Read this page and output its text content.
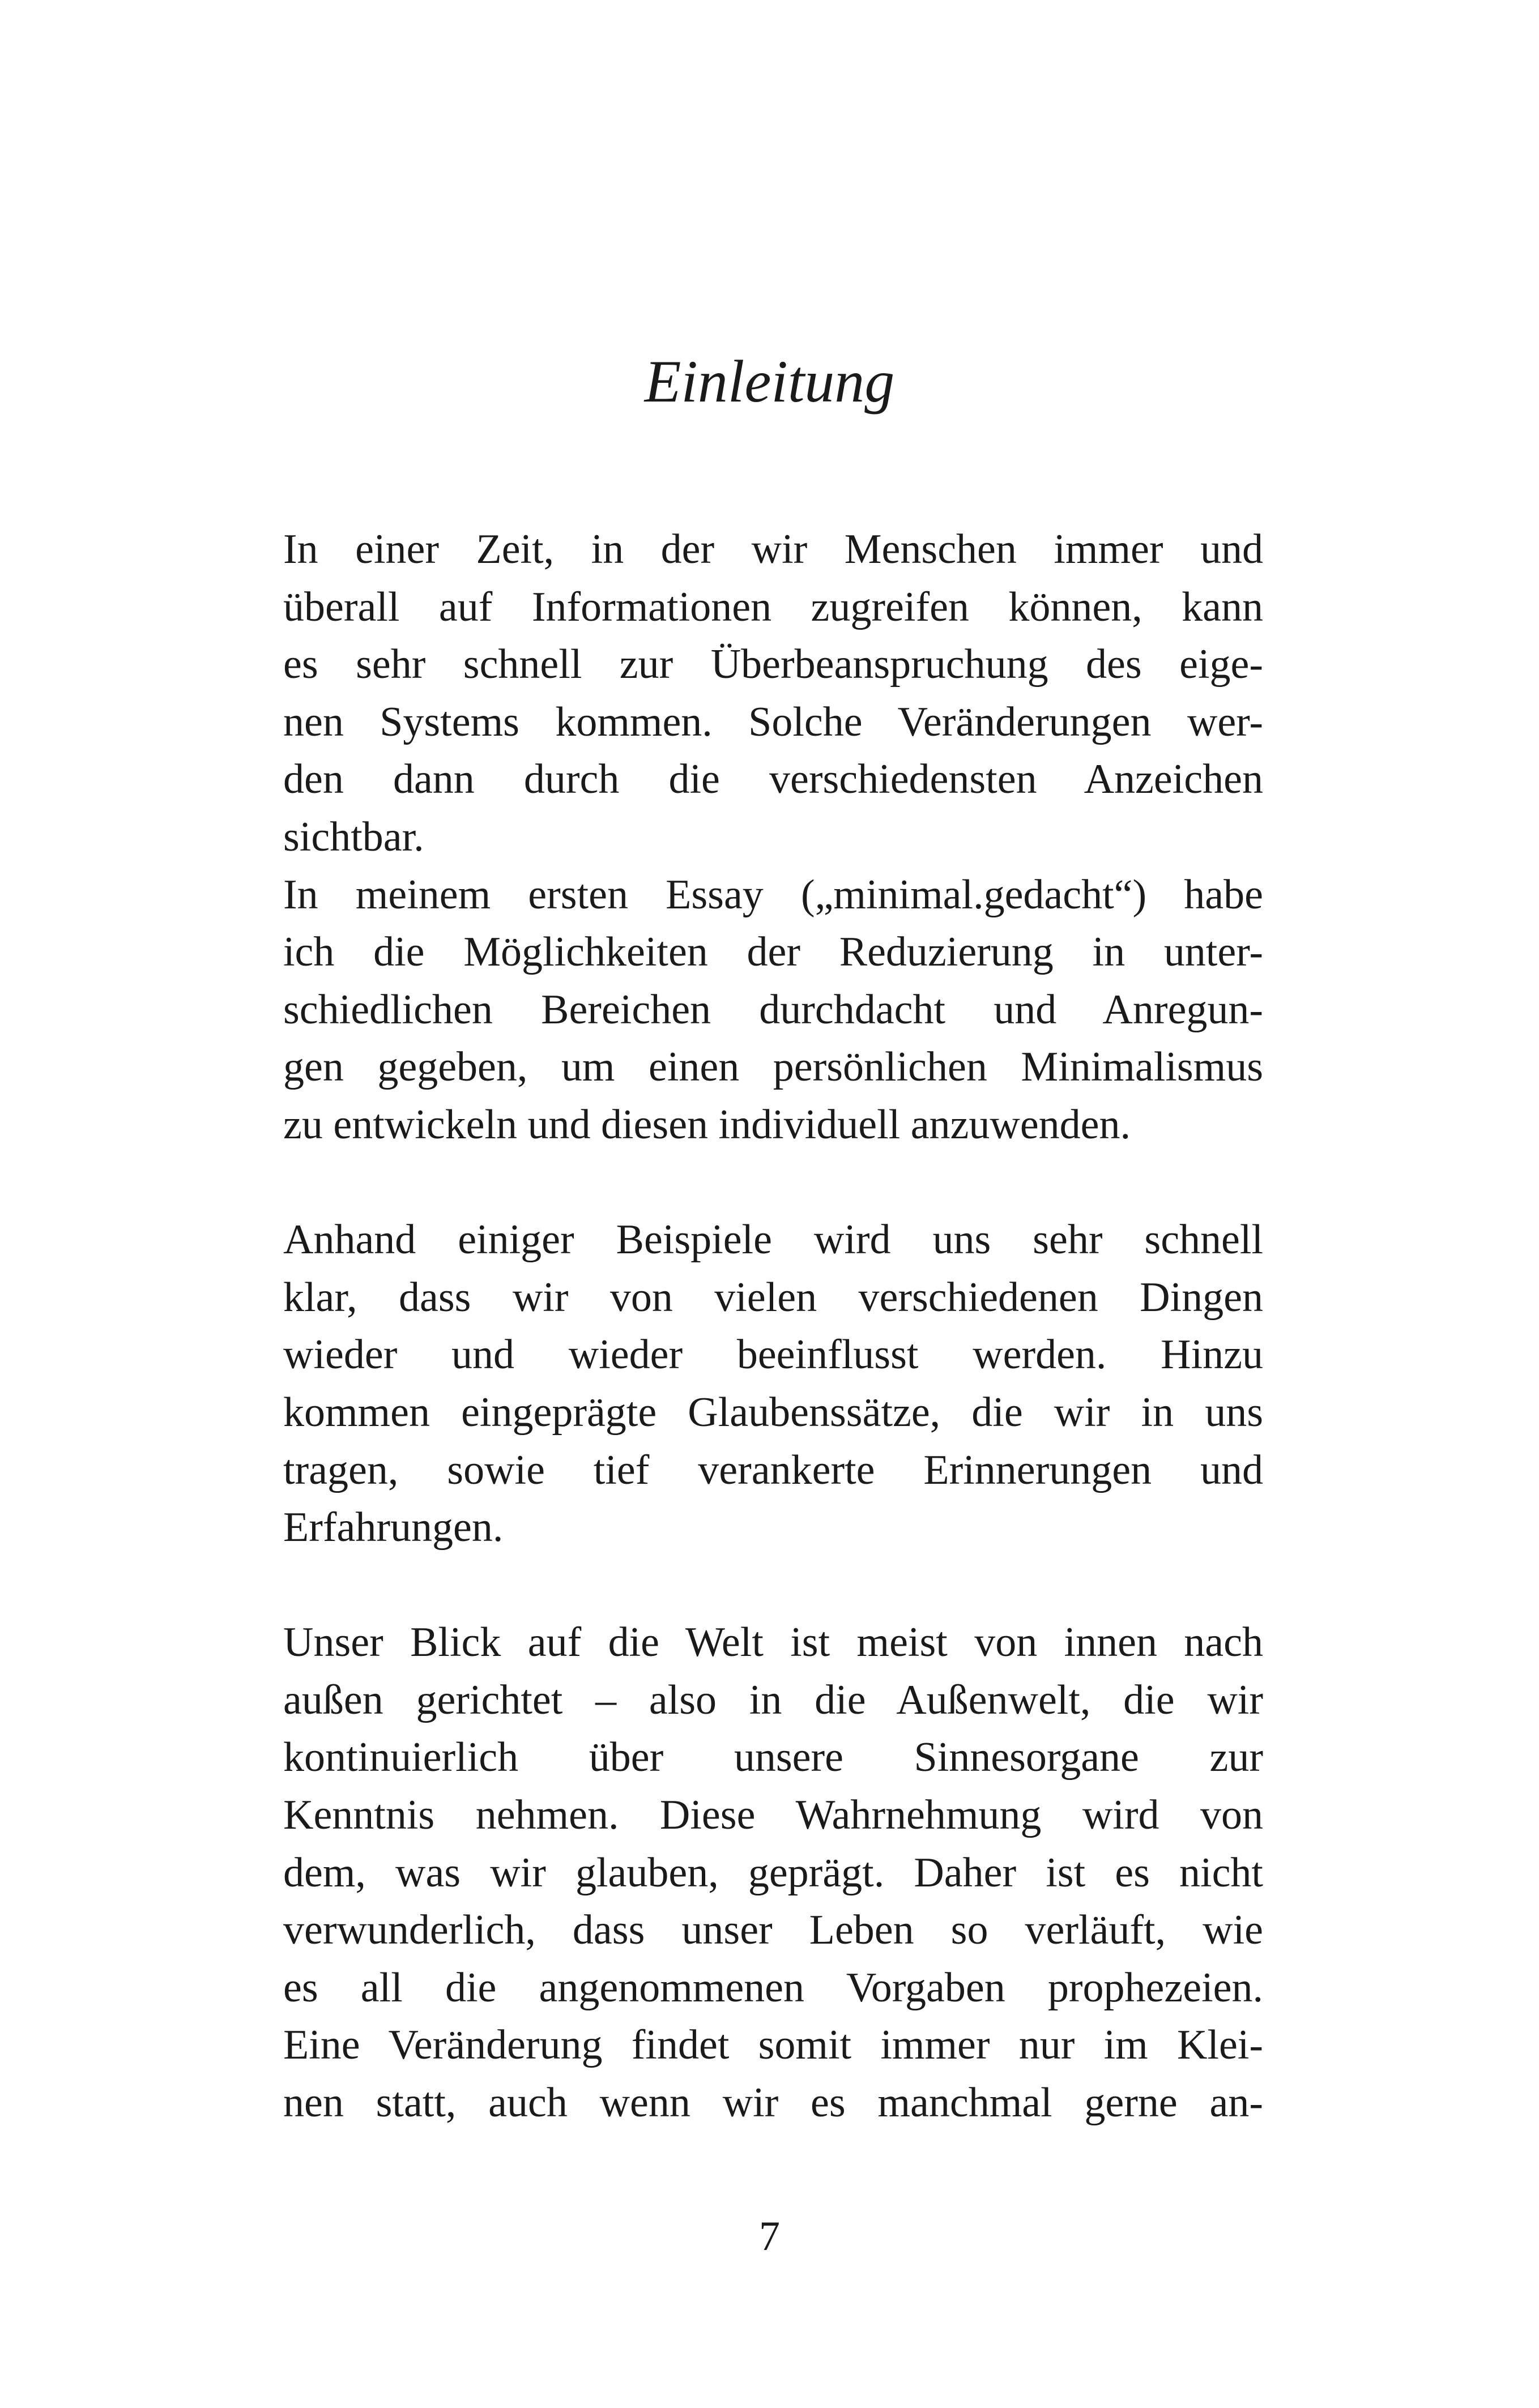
Einleitung
In einer Zeit, in der wir Menschen immer und
überall auf Informationen zugreifen können, kann
es sehr schnell zur Überbeanspruchung des eige-
nen Systems kommen. Solche Veränderungen wer-
den dann durch die verschiedensten Anzeichen
sichtbar.
In meinem ersten Essay („minimal.gedacht“) habe
ich die Möglichkeiten der Reduzierung in unter-
schiedlichen Bereichen durchdacht und Anregun-
gen gegeben, um einen persönlichen Minimalismus
zu entwickeln und diesen individuell anzuwenden.
Anhand einiger Beispiele wird uns sehr schnell
klar, dass wir von vielen verschiedenen Dingen
wieder und wieder beeinflusst werden. Hinzu
kommen eingeprägte Glaubenssätze, die wir in uns
tragen, sowie tief verankerte Erinnerungen und
Erfahrungen.
Unser Blick auf die Welt ist meist von innen nach
außen gerichtet – also in die Außenwelt, die wir
kontinuierlich über unsere Sinnesorgane zur
Kenntnis nehmen. Diese Wahrnehmung wird von
dem, was wir glauben, geprägt. Daher ist es nicht
verwunderlich, dass unser Leben so verläuft, wie
es all die angenommenen Vorgaben prophezeien.
Eine Veränderung findet somit immer nur im Klei-
nen statt, auch wenn wir es manchmal gerne an-
7
